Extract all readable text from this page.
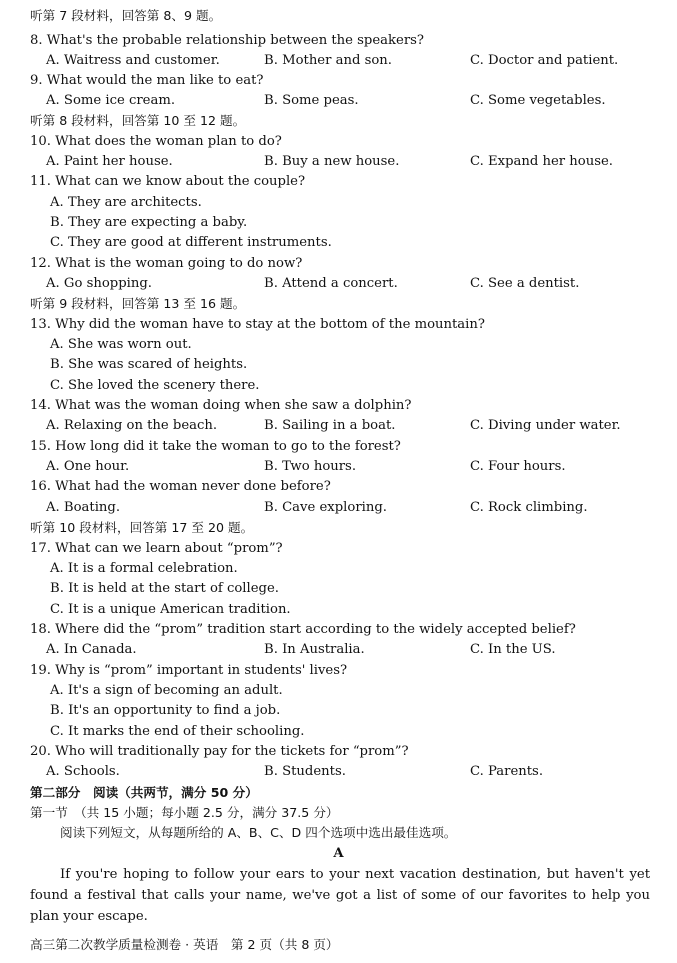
听第 7 段材料，回答第 8、9 题。
8. What's the probable relationship between the speakers?
A. Waitress and customer.	B. Mother and son.	C. Doctor and patient.
9. What would the man like to eat?
A. Some ice cream.	B. Some peas.	C. Some vegetables.
听第 8 段材料，回答第 10 至 12 题。
10. What does the woman plan to do?
A. Paint her house.	B. Buy a new house.	C. Expand her house.
11. What can we know about the couple?
A. They are architects.
B. They are expecting a baby.
C. They are good at different instruments.
12. What is the woman going to do now?
A. Go shopping.	B. Attend a concert.	C. See a dentist.
听第 9 段材料，回答第 13 至 16 题。
13. Why did the woman have to stay at the bottom of the mountain?
A. She was worn out.
B. She was scared of heights.
C. She loved the scenery there.
14. What was the woman doing when she saw a dolphin?
A. Relaxing on the beach.	B. Sailing in a boat.	C. Diving under water.
15. How long did it take the woman to go to the forest?
A. One hour.	B. Two hours.	C. Four hours.
16. What had the woman never done before?
A. Boating.	B. Cave exploring.	C. Rock climbing.
听第 10 段材料，回答第 17 至 20 题。
17. What can we learn about “prom”?
A. It is a formal celebration.
B. It is held at the start of college.
C. It is a unique American tradition.
18. Where did the “prom” tradition start according to the widely accepted belief?
A. In Canada.	B. In Australia.	C. In the US.
19. Why is “prom” important in students' lives?
A. It's a sign of becoming an adult.
B. It's an opportunity to find a job.
C. It marks the end of their schooling.
20. Who will traditionally pay for the tickets for “prom”?
A. Schools.	B. Students.	C. Parents.
第二部分　阅读（共两节，满分 50 分）
第一节　（共 15 小题；每小题 2.5 分，满分 37.5 分）
阅读下列短文，从每题所给的 A、B、C、D 四个选项中选出最佳选项。
A
If you're hoping to follow your ears to your next vacation destination, but haven't yet found a festival that calls your name, we've got a list of some of our favorites to help you plan your escape.
高三第二次教学质量检测卷 · 英语　第 2 页（共 8 页）
